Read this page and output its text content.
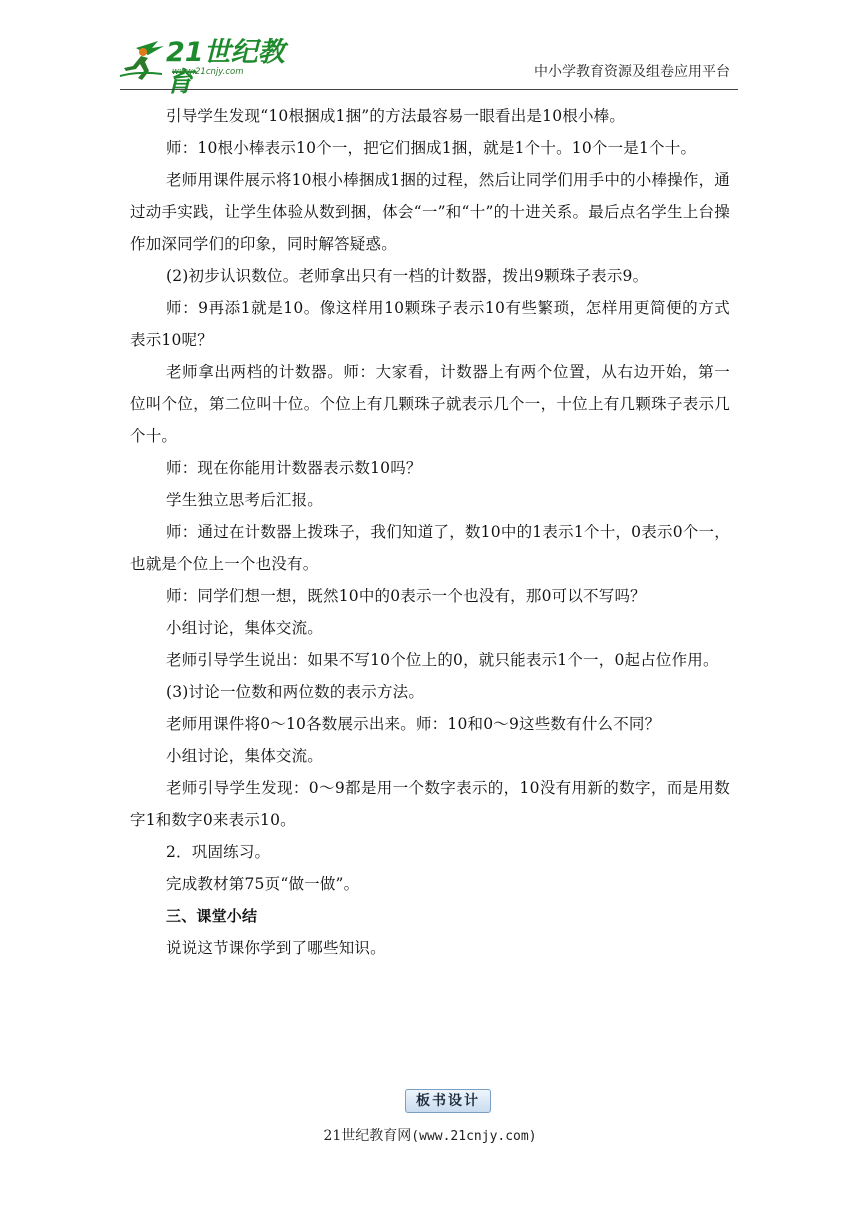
21世纪教育
www.21cnjy.com	中小学教育资源及组卷应用平台

引导学生发现“10根捆成1捆”的方法最容易一眼看出是10根小棒。

师：10根小棒表示10个一，把它们捆成1捆，就是1个十。10个一是1个十。

老师用课件展示将10根小棒捆成1捆的过程，然后让同学们用手中的小棒操作，通过动手实践，让学生体验从数到捆，体会“一”和“十”的十进关系。最后点名学生上台操作加深同学们的印象，同时解答疑惑。

(2)初步认识数位。老师拿出只有一档的计数器，拨出9颗珠子表示9。

师：9再添1就是10。像这样用10颗珠子表示10有些繁琐，怎样用更简便的方式表示10呢？

老师拿出两档的计数器。师：大家看，计数器上有两个位置，从右边开始，第一位叫个位，第二位叫十位。个位上有几颗珠子就表示几个一，十位上有几颗珠子表示几个十。

师：现在你能用计数器表示数10吗？

学生独立思考后汇报。

师：通过在计数器上拨珠子，我们知道了，数10中的1表示1个十，0表示0个一，也就是个位上一个也没有。

师：同学们想一想，既然10中的0表示一个也没有，那0可以不写吗？

小组讨论，集体交流。

老师引导学生说出：如果不写10个位上的0，就只能表示1个一，0起占位作用。

(3)讨论一位数和两位数的表示方法。

老师用课件将0～10各数展示出来。师：10和0～9这些数有什么不同？

小组讨论，集体交流。

老师引导学生发现：0～9都是用一个数字表示的，10没有用新的数字，而是用数字1和数字0来表示10。

2．巩固练习。

完成教材第75页“做一做”。

三、课堂小结

说说这节课你学到了哪些知识。

板书设计
21世纪教育网(www.21cnjy.com)
